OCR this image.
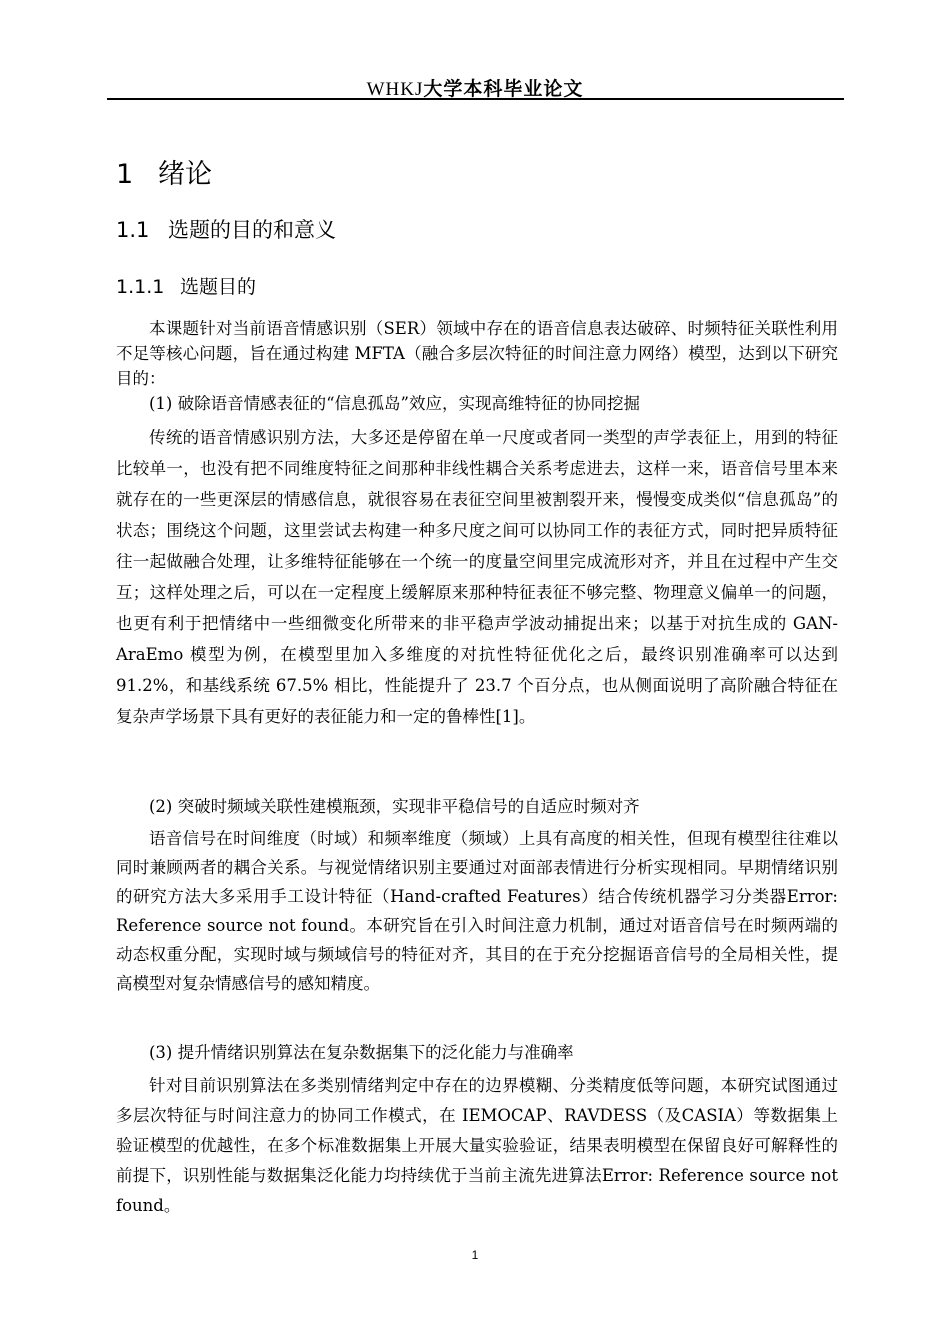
WHKJ大学本科毕业论文
1 绪论
1.1 选题的目的和意义
1.1.1 选题目的

本课题针对当前语音情感识别（SER）领域中存在的语音信息表达破碎、时频特征关联性利用不足等核心问题，旨在通过构建 MFTA（融合多层次特征的时间注意力网络）模型，达到以下研究目的：

(1) 破除语音情感表征的“信息孤岛”效应，实现高维特征的协同挖掘

传统的语音情感识别方法，大多还是停留在单一尺度或者同一类型的声学表征上，用到的特征比较单一，也没有把不同维度特征之间那种非线性耦合关系考虑进去，这样一来，语音信号里本来就存在的一些更深层的情感信息，就很容易在表征空间里被割裂开来，慢慢变成类似“信息孤岛”的状态；围绕这个问题，这里尝试去构建一种多尺度之间可以协同工作的表征方式，同时把异质特征往一起做融合处理，让多维特征能够在一个统一的度量空间里完成流形对齐，并且在过程中产生交互；这样处理之后，可以在一定程度上缓解原来那种特征表征不够完整、物理意义偏单一的问题，也更有利于把情绪中一些细微变化所带来的非平稳声学波动捕捉出来；以基于对抗生成的 GAN-AraEmo 模型为例，在模型里加入多维度的对抗性特征优化之后，最终识别准确率可以达到 91.2%，和基线系统 67.5% 相比，性能提升了 23.7 个百分点，也从侧面说明了高阶融合特征在复杂声学场景下具有更好的表征能力和一定的鲁棒性[1]。

(2) 突破时频域关联性建模瓶颈，实现非平稳信号的自适应时频对齐

语音信号在时间维度（时域）和频率维度（频域）上具有高度的相关性，但现有模型往往难以同时兼顾两者的耦合关系。与视觉情绪识别主要通过对面部表情进行分析实现相同。早期情绪识别的研究方法大多采用手工设计特征（Hand-crafted Features）结合传统机器学习分类器Error: Reference source not found。本研究旨在引入时间注意力机制，通过对语音信号在时频两端的动态权重分配，实现时域与频域信号的特征对齐，其目的在于充分挖掘语音信号的全局相关性，提高模型对复杂情感信号的感知精度。

(3) 提升情绪识别算法在复杂数据集下的泛化能力与准确率

针对目前识别算法在多类别情绪判定中存在的边界模糊、分类精度低等问题，本研究试图通过多层次特征与时间注意力的协同工作模式，在 IEMOCAP、RAVDESS（及CASIA）等数据集上验证模型的优越性，在多个标准数据集上开展大量实验验证，结果表明模型在保留良好可解释性的前提下，识别性能与数据集泛化能力均持续优于当前主流先进算法Error: Reference source not found。

1
